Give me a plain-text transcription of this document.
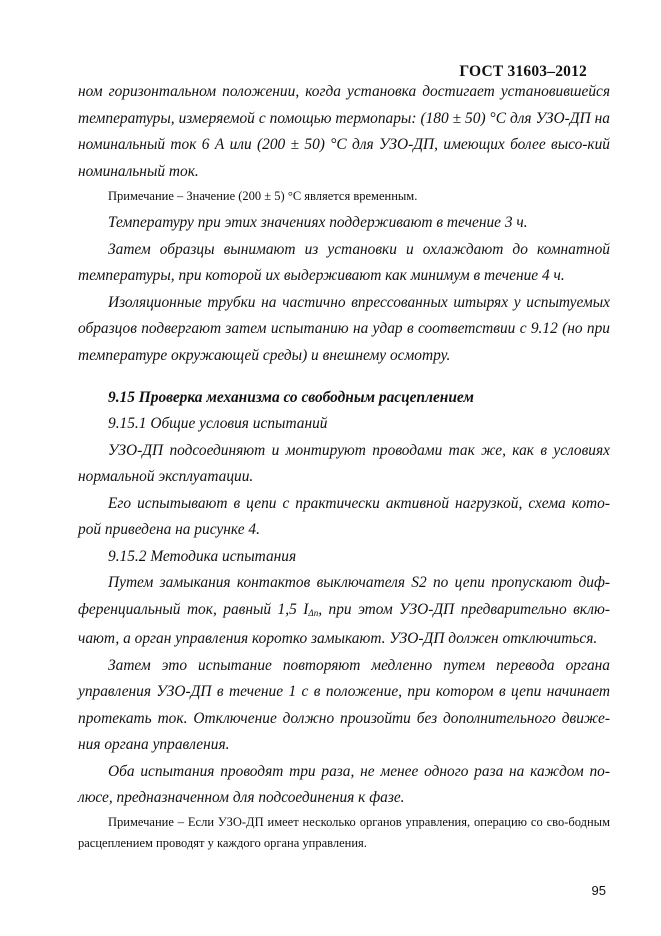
ГОСТ 31603–2012

ном горизонтальном положении, когда установка достигает установившейся температуры, измеряемой с помощью термопары: (180 ± 50) °С для УЗО-ДП на номинальный ток 6 А или (200 ± 50) °С для УЗО-ДП, имеющих более высо-кий номинальный ток.

Примечание – Значение (200 ± 5) °С является временным.

Температуру при этих значениях поддерживают в течение 3 ч.

Затем образцы вынимают из установки и охлаждают до комнатной температуры, при которой их выдерживают как минимум в течение 4 ч.

Изоляционные трубки на частично впрессованных штырях у испытуемых образцов подвергают затем испытанию на удар в соответствии с 9.12 (но при температуре окружающей среды) и внешнему осмотру.

9.15 Проверка механизма со свободным расцеплением

9.15.1 Общие условия испытаний

УЗО-ДП подсоединяют и монтируют проводами так же, как в условиях нормальной эксплуатации.

Его испытывают в цепи с практически активной нагрузкой, схема кото-рой приведена на рисунке 4.

9.15.2 Методика испытания

Путем замыкания контактов выключателя S2 по цепи пропускают диф-ференциальный ток, равный 1,5 $I_{\Delta n}$, при этом УЗО-ДП предварительно вклю-чают, а орган управления коротко замыкают. УЗО-ДП должен отключиться.

Затем это испытание повторяют медленно путем перевода органа управления УЗО-ДП в течение 1 с в положение, при котором в цепи начинает протекать ток. Отключение должно произойти без дополнительного движе-ния органа управления.

Оба испытания проводят три раза, не менее одного раза на каждом по-люсе, предназначенном для подсоединения к фазе.

Примечание – Если УЗО-ДП имеет несколько органов управления, операцию со сво-бодным расцеплением проводят у каждого органа управления.

95
